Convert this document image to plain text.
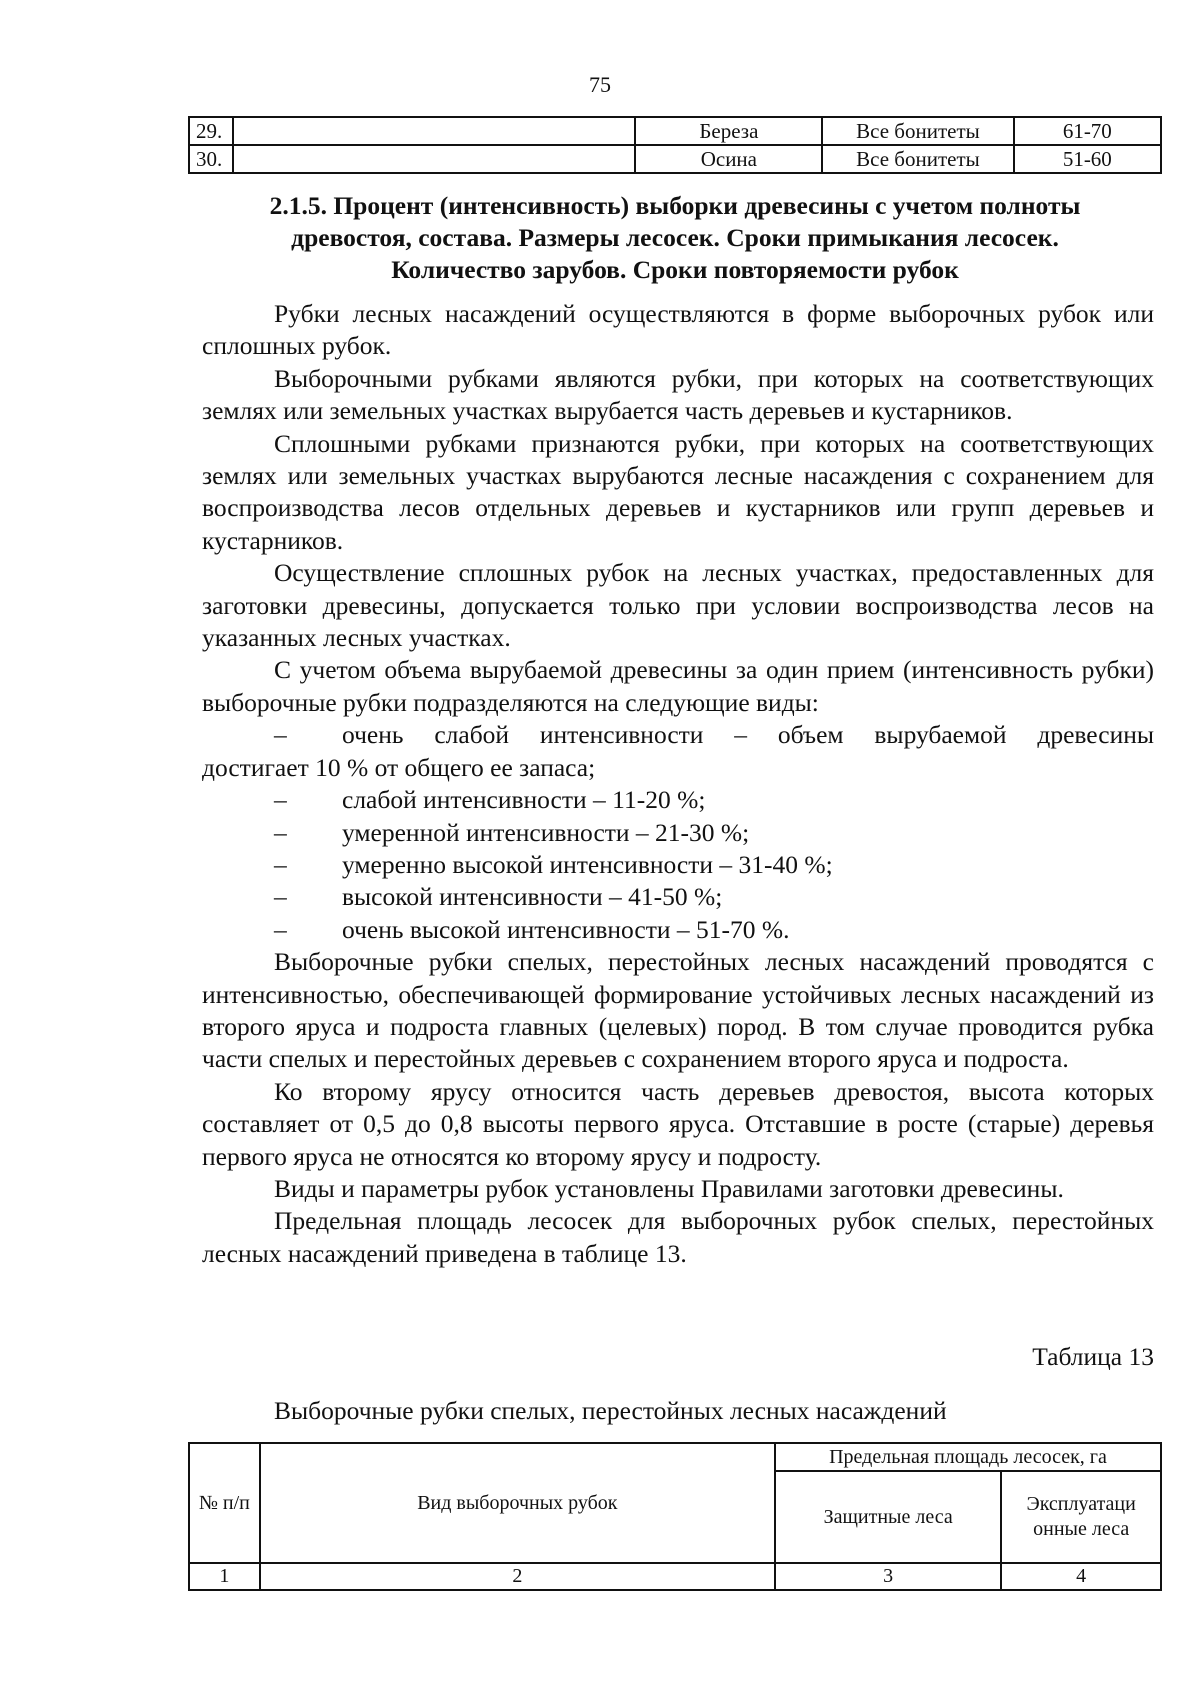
75
29.		Береза	Все бонитеты	61-70
30.		Осина	Все бонитеты	51-60
2.1.5. Процент (интенсивность) выборки древесины с учетом полноты
древостоя, состава. Размеры лесосек. Сроки примыкания лесосек.
Количество зарубов. Сроки повторяемости рубок

Рубки лесных насаждений осуществляются в форме выборочных рубок или сплошных рубок.

Выборочными рубками являются рубки, при которых на соответствующих землях или земельных участках вырубается часть деревьев и кустарников.

Сплошными рубками признаются рубки, при которых на соответствующих землях или земельных участках вырубаются лесные насаждения с сохранением для воспроизводства лесов отдельных деревьев и кустарников или групп деревьев и кустарников.

Осуществление сплошных рубок на лесных участках, предоставленных для заготовки древесины, допускается только при условии воспроизводства лесов на указанных лесных участках.

С учетом объема вырубаемой древесины за один прием (интенсивность рубки) выборочные рубки подразделяются на следующие виды:

– очень слабой интенсивности – объем вырубаемой древесины
достигает 10 % от общего ее запаса;

–	слабой интенсивности – 11-20 %;

–	умеренной интенсивности – 21-30 %;

–	умеренно высокой интенсивности – 31-40 %;

–	высокой интенсивности – 41-50 %;

–	очень высокой интенсивности – 51-70 %.

Выборочные рубки спелых, перестойных лесных насаждений проводятся с интенсивностью, обеспечивающей формирование устойчивых лесных насаждений из второго яруса и подроста главных (целевых) пород. В том случае проводится рубка части спелых и перестойных деревьев с сохранением второго яруса и подроста.

Ко второму ярусу относится часть деревьев древостоя, высота которых составляет от 0,5 до 0,8 высоты первого яруса. Отставшие в росте (старые) деревья первого яруса не относятся ко второму ярусу и подросту.

Виды и параметры рубок установлены Правилами заготовки древесины.

Предельная площадь лесосек для выборочных рубок спелых, перестойных лесных насаждений приведена в таблице 13.

Таблица 13
Выборочные рубки спелых, перестойных лесных насаждений
№ п/п	Вид выборочных рубок	Предельная площадь лесосек, га	
		Защитные леса	Эксплуатаци онные леса
1	2	3	4
